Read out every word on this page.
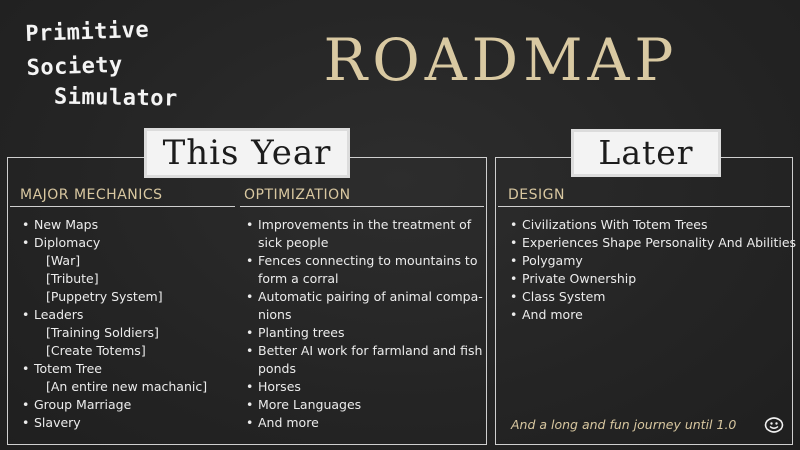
Primitive Society
Simulator
ROADMAP
This Year	Later
MAJOR MECHANICS
• New Maps
• Diplomacy
[War]
[Tribute]
[Puppetry System]
• Leaders
[Training Soldiers]
[Create Totems]
• Totem Tree
[An entire new machanic]
• Group Marriage
• Slavery
OPTIMIZATION
• Improvements in the treatment of
sick people
• Fences connecting to mountains to
form a corral
• Automatic pairing of animal compa-
nions
• Planting trees
• Better AI work for farmland and fish
ponds
• Horses
• More Languages
• And more
DESIGN
• Civilizations With Totem Trees
• Experiences Shape Personality And Abilities
• Polygamy
• Private Ownership
• Class System
• And more
And a long and fun journey until 1.0
